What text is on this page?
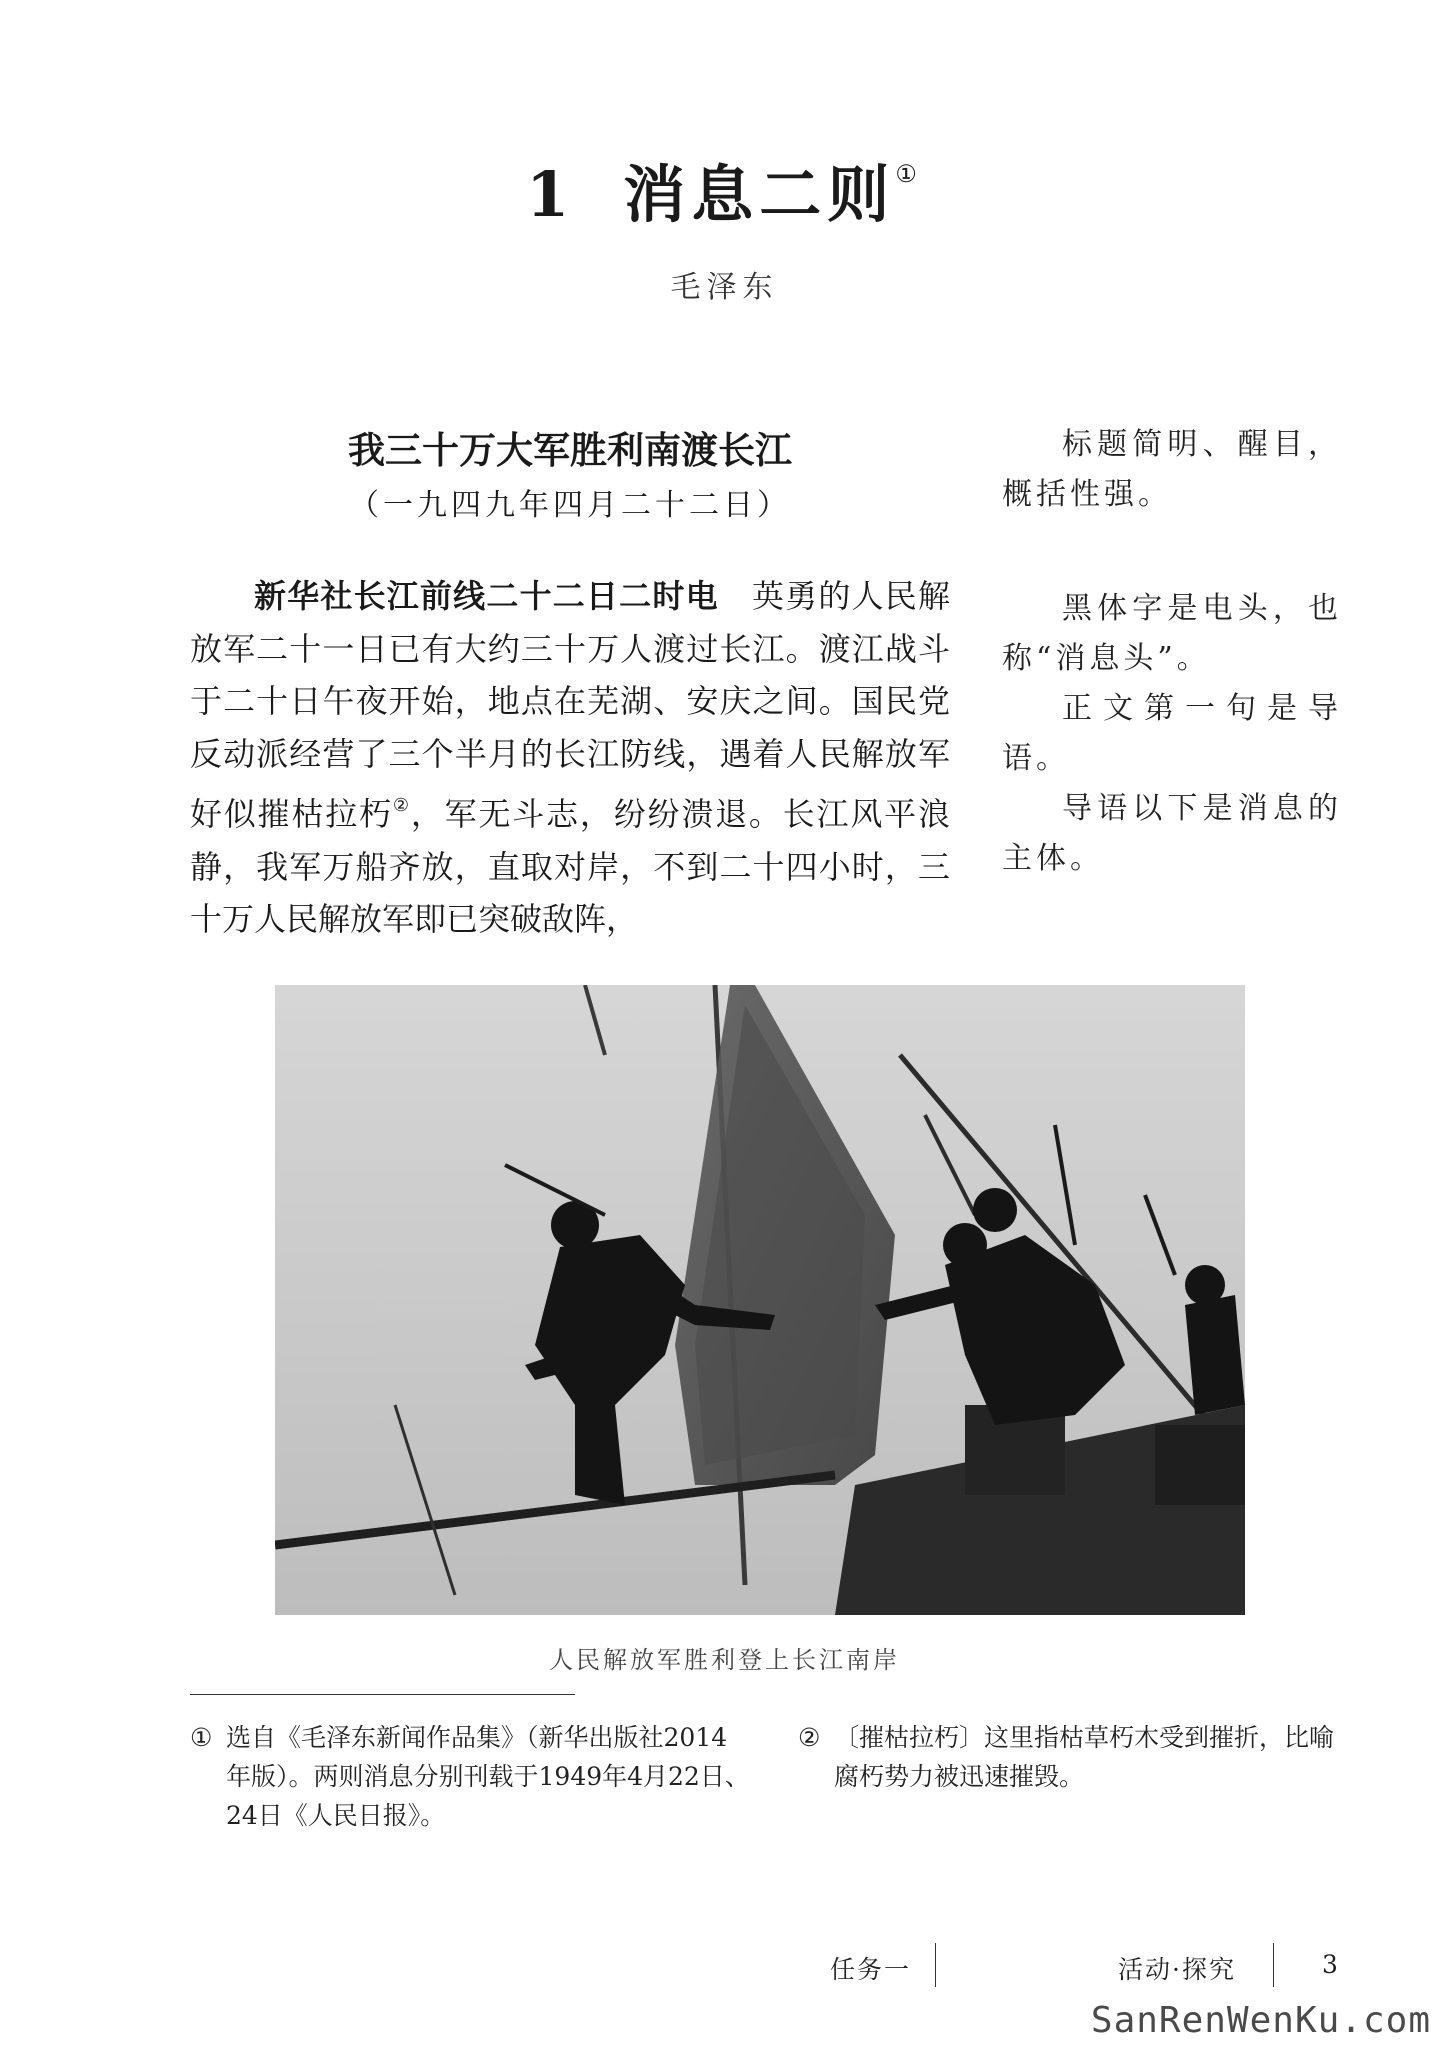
1 消息二则①
毛泽东
我三十万大军胜利南渡长江
（一九四九年四月二十二日）
新华社长江前线二十二日二时电　 英勇的人民解放军二十一日已有大约三十万人渡过长江。渡江战斗于二十日午夜开始，地点在芜湖、安庆之间。国民党反动派经营了三个半月的长江防线，遇着人民解放军好似摧枯拉朽②，军无斗志，纷纷溃退。长江风平浪静，我军万船齐放，直取对岸，不到二十四小时，三十万人民解放军即已突破敌阵，

标题简明、醒目，概括性强。

黑体字是电头，也称“消息头”。

正文第一句是导语。

导语以下是消息的主体。

人民解放军胜利登上长江南岸
① 选自《毛泽东新闻作品集》（新华出版社2014
年版）。两则消息分别刊载于1949年4月22日、24日《人民日报》。
② 〔摧枯拉朽〕这里指枯草朽木受到摧折，比喻
腐朽势力被迅速摧毁。
任务一	活动·探究	3
SanRenWenKu.com
